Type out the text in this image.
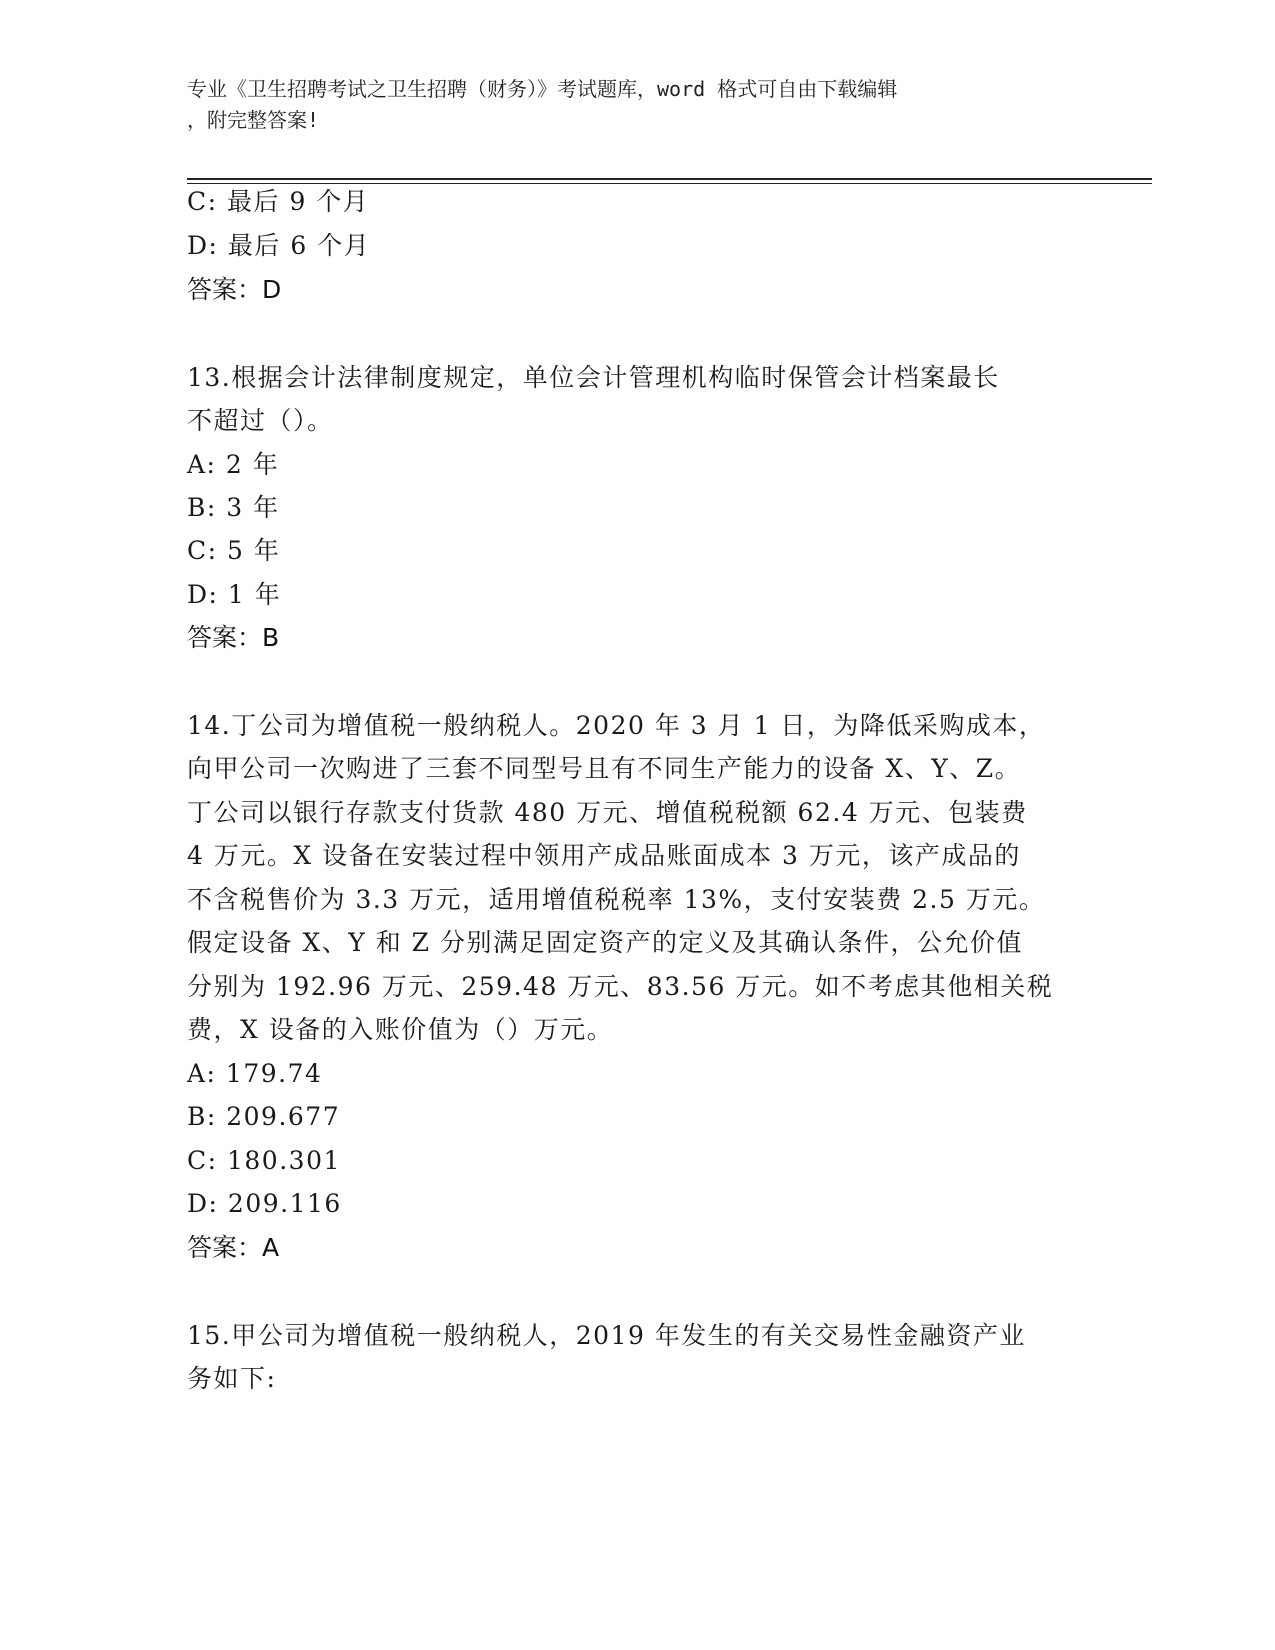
专业《卫生招聘考试之卫生招聘（财务）》考试题库，word 格式可自由下载编辑
，附完整答案!
C: 最后 9 个月
D: 最后 6 个月
答案：D
13.根据会计法律制度规定，单位会计管理机构临时保管会计档案最长
不超过（）。
A: 2 年
B: 3 年
C: 5 年
D: 1 年
答案：B
14.丁公司为增值税一般纳税人。2020 年 3 月 1 日，为降低采购成本，
向甲公司一次购进了三套不同型号且有不同生产能力的设备 X、Y、Z。
丁公司以银行存款支付货款 480 万元、增值税税额 62.4 万元、包装费
4 万元。X 设备在安装过程中领用产成品账面成本 3 万元，该产成品的
不含税售价为 3.3 万元，适用增值税税率 13%，支付安装费 2.5 万元。
假定设备 X、Y 和 Z 分别满足固定资产的定义及其确认条件，公允价值
分别为 192.96 万元、259.48 万元、83.56 万元。如不考虑其他相关税
费，X 设备的入账价值为（）万元。
A: 179.74
B: 209.677
C: 180.301
D: 209.116
答案：A
15.甲公司为增值税一般纳税人，2019 年发生的有关交易性金融资产业
务如下:
